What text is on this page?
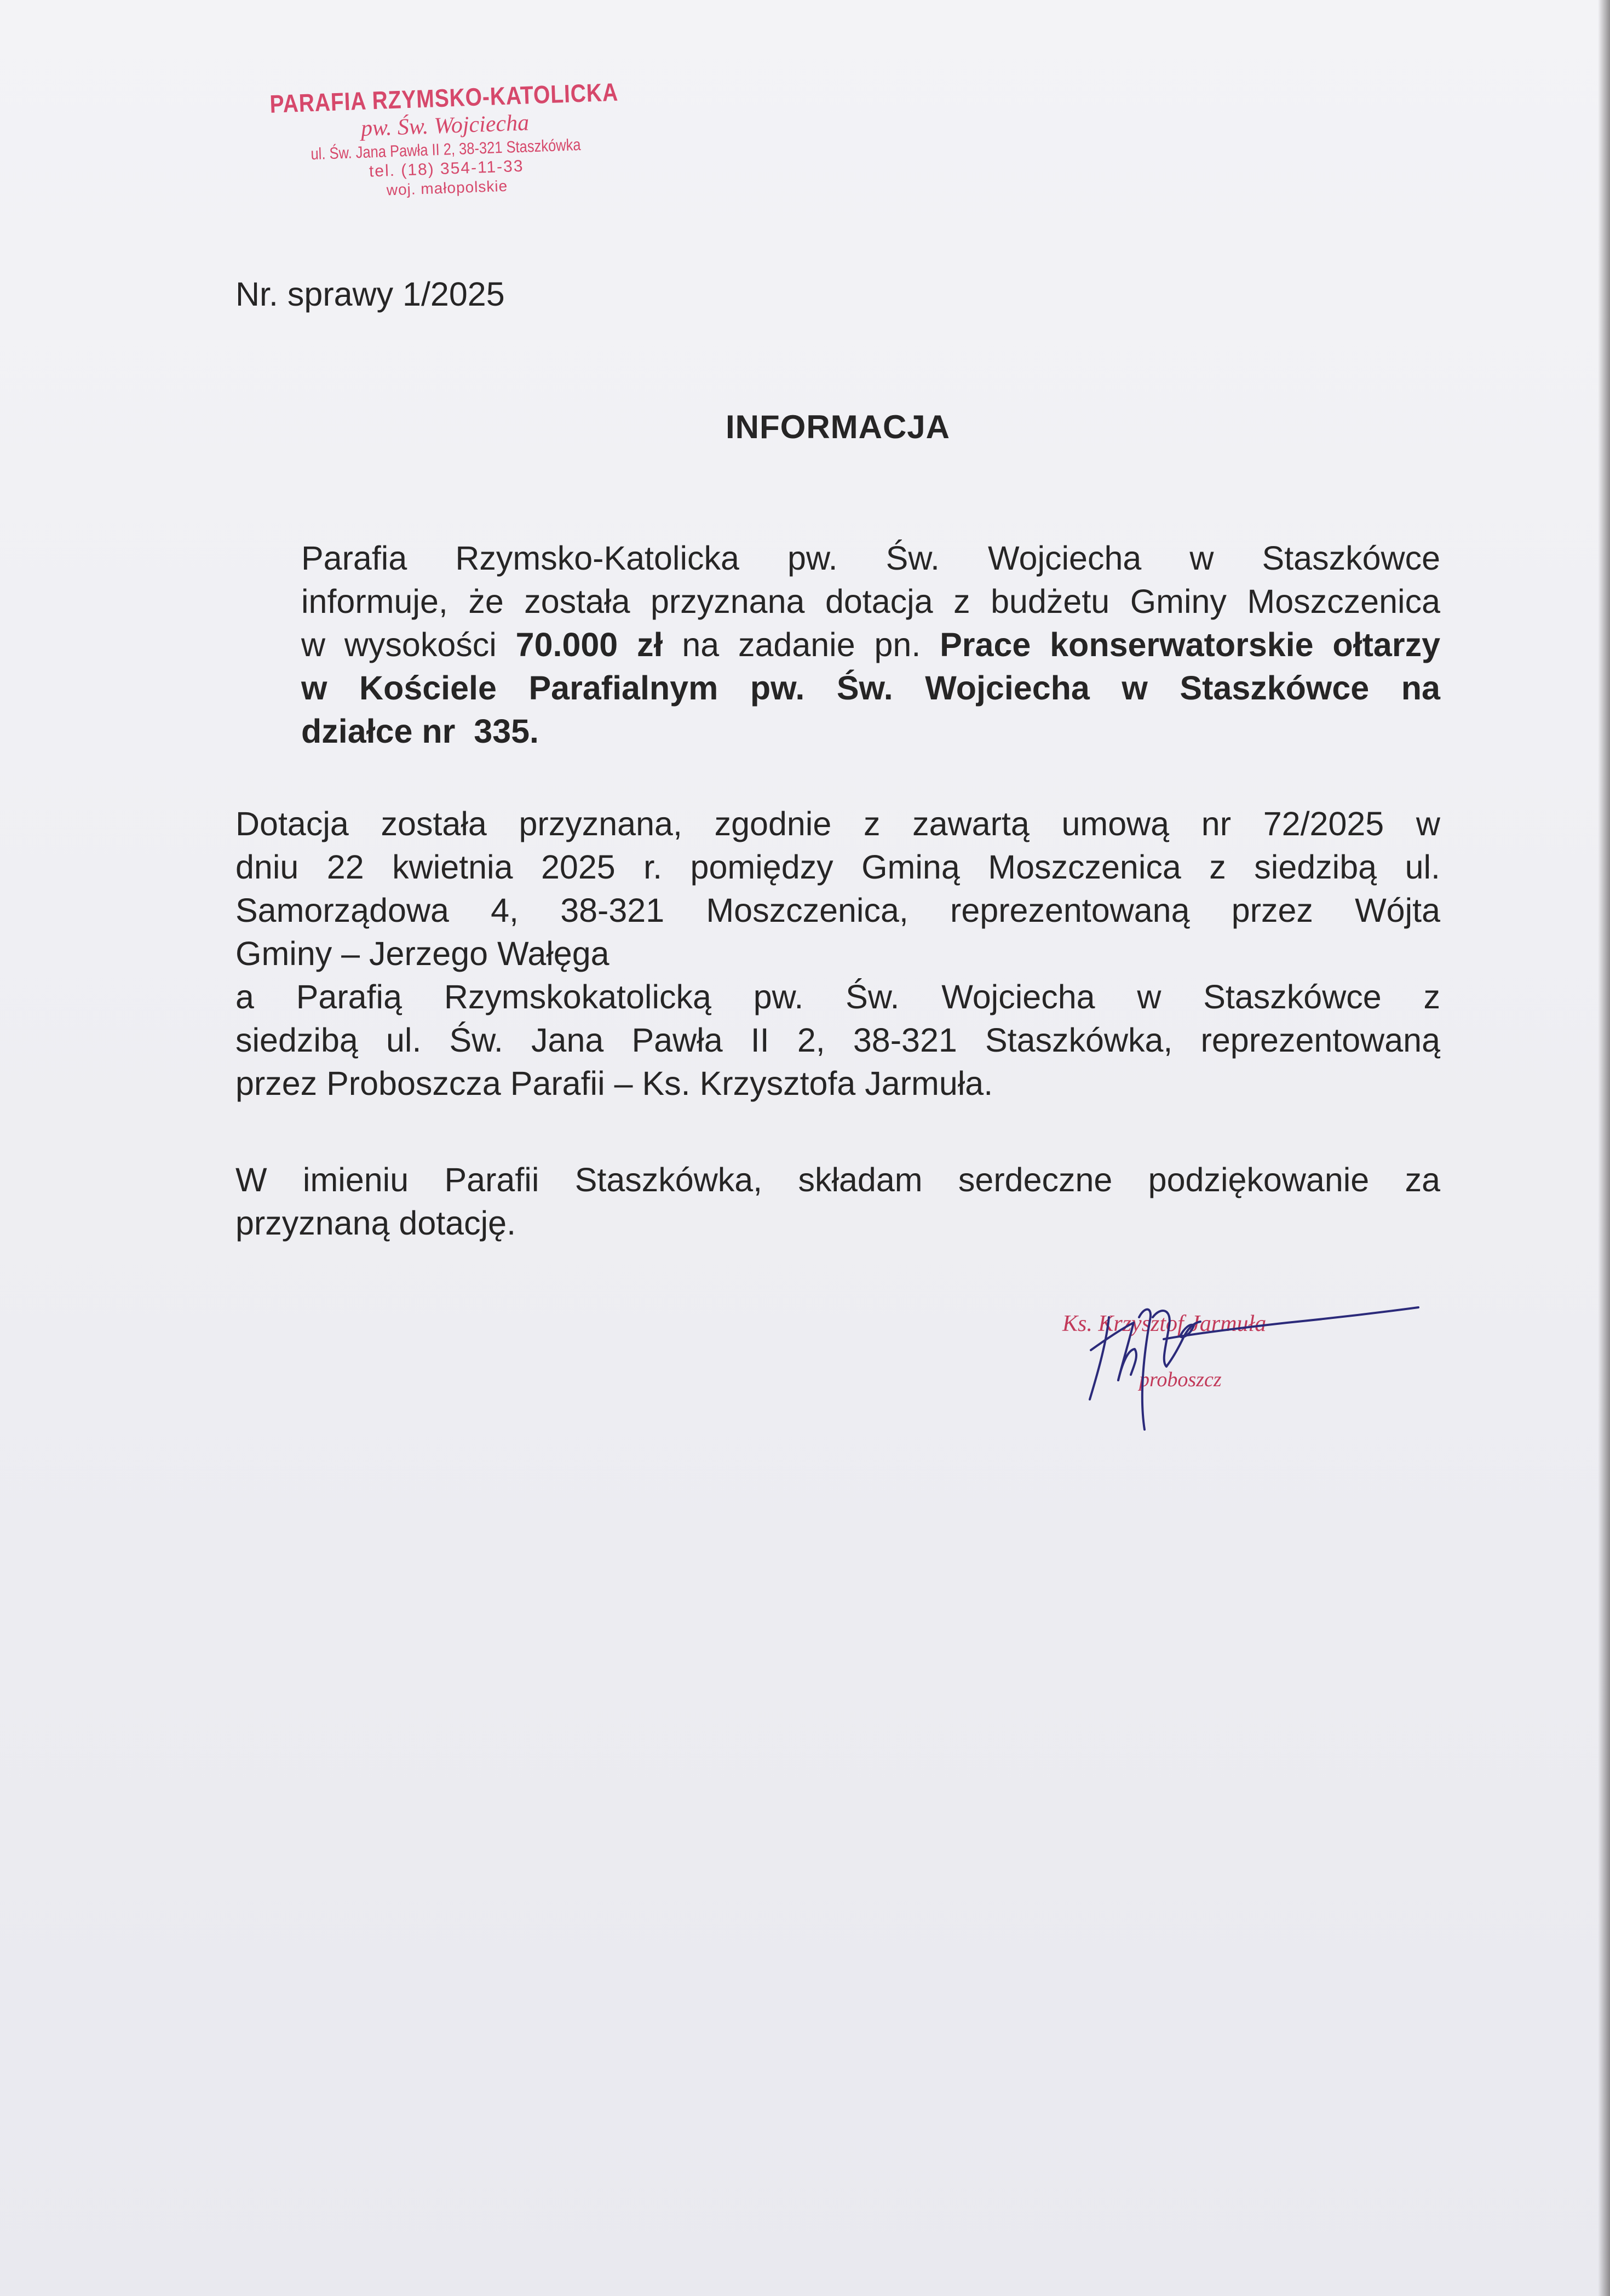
PARAFIA RZYMSKO-KATOLICKA
pw. Św. Wojciecha
ul. Św. Jana Pawła II 2, 38-321 Staszkówka
tel. (18) 354-11-33
woj. małopolskie
Nr. sprawy 1/2025
INFORMACJA
Parafia Rzymsko-Katolicka pw. Św. Wojciecha w Staszkówce
informuje, że została przyznana dotacja z budżetu Gminy Moszczenica
w wysokości 70.000 zł na zadanie pn. Prace konserwatorskie ołtarzy
w Kościele Parafialnym pw. Św. Wojciecha w Staszkówce na
działce nr  335.
Dotacja została przyznana, zgodnie z zawartą umową nr 72/2025 w
dniu 22 kwietnia 2025 r. pomiędzy Gminą Moszczenica z siedzibą ul.
Samorządowa 4, 38-321 Moszczenica, reprezentowaną przez Wójta
Gminy – Jerzego Wałęga
a Parafią Rzymskokatolicką pw. Św. Wojciecha w Staszkówce z
siedzibą ul. Św. Jana Pawła II 2, 38-321 Staszkówka, reprezentowaną
przez Proboszcza Parafii – Ks. Krzysztofa Jarmuła.
W imieniu Parafii Staszkówka, składam serdeczne podziękowanie za
przyznaną dotację.
Ks. Krzysztof Jarmuła
proboszcz
